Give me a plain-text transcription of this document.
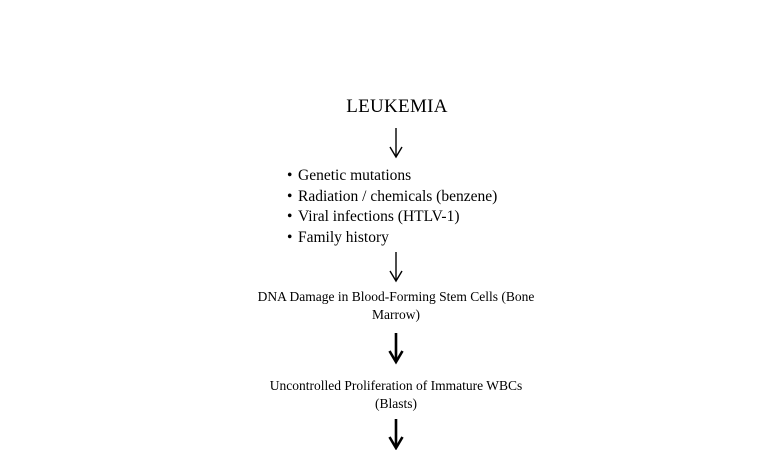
LEUKEMIA
• Genetic mutations
• Radiation / chemicals (benzene)
• Viral infections (HTLV-1)
• Family history
DNA Damage in Blood-Forming Stem Cells (Bone Marrow)
Uncontrolled Proliferation of Immature WBCs (Blasts)
